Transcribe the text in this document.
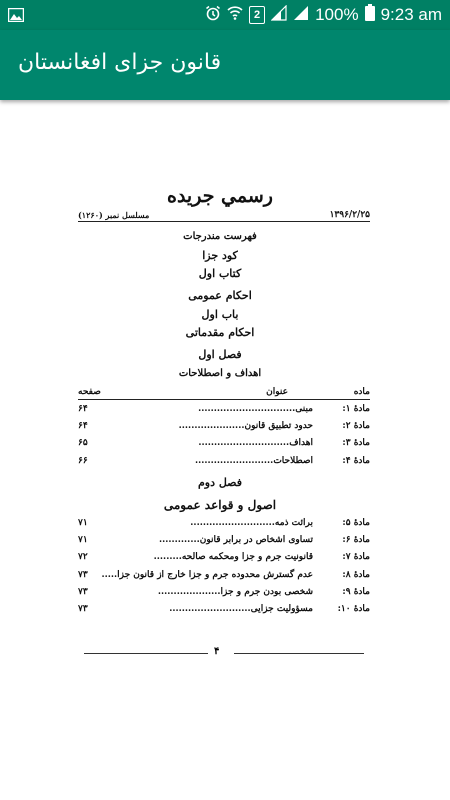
2	100% 9:23 am
قانون جزای افغانستان
رسمي جريده
۱۳۹۶/۲/۲۵
مسلسل نمبر (۱۲۶۰)
فهرست مندرجات
کود جزا
کتاب اول
احکام عمومی
باب اول
احکام مقدماتی
فصل اول
اهداف و اصطلاحات
ماده
عنوان
صفحه
مادهٔ ۱:
مبنی...............................
۶۴
مادهٔ ۲:
حدود تطبیق قانون.....................
۶۴
مادهٔ ۳:
اهداف.............................
۶۵
مادهٔ ۴:
اصطلاحات.........................
۶۶
فصل دوم
اصول و قواعد عمومی
مادهٔ ۵:
برائت ذمه...........................
۷۱
مادهٔ ۶:
تساوی اشخاص در برابر قانون.............
۷۱
مادهٔ ۷:
قانونیت جرم و جزا ومحکمه صالحه.........
۷۲
مادهٔ ۸:
عدم گسترش محدوده جرم و جزا خارج از قانون جزا.....
۷۳
مادهٔ ۹:
شخصی بودن جرم و جزا....................
۷۳
مادهٔ ۱۰:
مسؤولیت جزایی..........................
۷۳
۴
